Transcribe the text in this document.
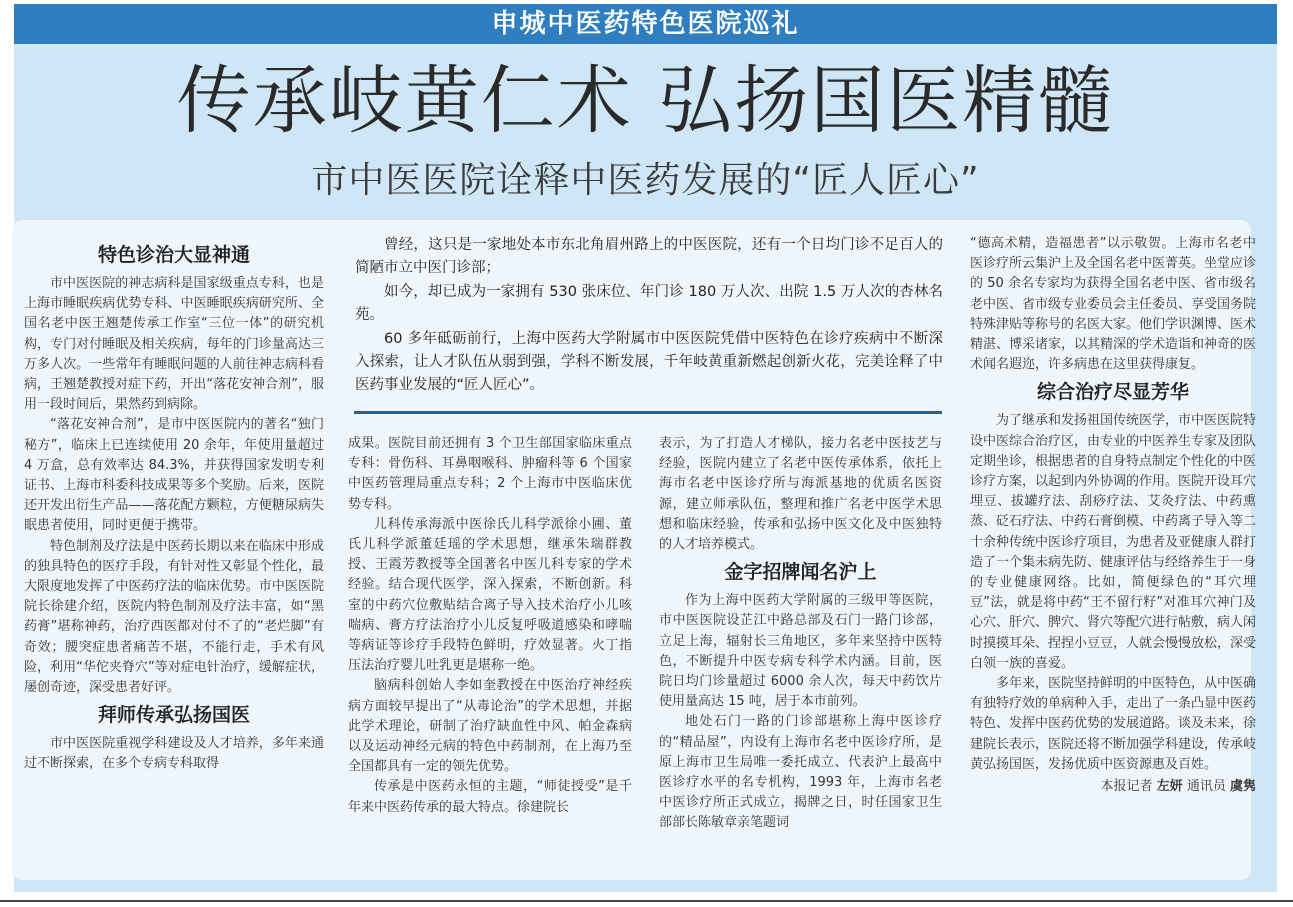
申城中医药特色医院巡礼
传承岐黄仁术 弘扬国医精髓
市中医医院诠释中医药发展的“匠人匠心”

曾经，这只是一家地处本市东北角眉州路上的中医医院，还有一个日均门诊不足百人的简陋市立中医门诊部；

如今，却已成为一家拥有 530 张床位、年门诊 180 万人次、出院 1.5 万人次的杏林名苑。

60 多年砥砺前行，上海中医药大学附属市中医医院凭借中医特色在诊疗疾病中不断深入探索，让人才队伍从弱到强，学科不断发展，千年岐黄重新燃起创新火花，完美诠释了中医药事业发展的“匠人匠心”。

特色诊治大显神通

市中医医院的神志病科是国家级重点专科，也是上海市睡眠疾病优势专科、中医睡眠疾病研究所、全国名老中医王翘楚传承工作室“三位一体”的研究机构，专门对付睡眠及相关疾病，每年的门诊量高达三万多人次。一些常年有睡眠问题的人前往神志病科看病，王翘楚教授对症下药，开出“落花安神合剂”，服用一段时间后，果然药到病除。

“落花安神合剂”，是市中医医院内的著名“独门秘方”，临床上已连续使用 20 余年，年使用量超过 4 万盒，总有效率达 84.3%，并获得国家发明专利证书、上海市科委科技成果等多个奖励。后来，医院还开发出衍生产品——落花配方颗粒，方便糖尿病失眠患者使用，同时更便于携带。

特色制剂及疗法是中医药长期以来在临床中形成的独具特色的医疗手段，有针对性又彰显个性化，最大限度地发挥了中医药疗法的临床优势。市中医医院院长徐建介绍，医院内特色制剂及疗法丰富，如“黑药膏”堪称神药，治疗西医都对付不了的“老烂脚”有奇效；腰突症患者痛苦不堪，不能行走，手术有风险，利用“华佗夹脊穴”等对症电针治疗，缓解症状，屡创奇迹，深受患者好评。

拜师传承弘扬国医

市中医医院重视学科建设及人才培养，多年来通过不断探索，在多个专病专科取得

成果。医院目前还拥有 3 个卫生部国家临床重点专科：骨伤科、耳鼻咽喉科、肿瘤科等 6 个国家中医药管理局重点专科；2 个上海市中医临床优势专科。

儿科传承海派中医徐氏儿科学派徐小圃、董氏儿科学派董廷瑶的学术思想，继承朱瑞群教授、王霞芳教授等全国著名中医儿科专家的学术经验。结合现代医学，深入探索，不断创新。科室的中药穴位敷贴结合离子导入技术治疗小儿咳喘病、膏方疗法治疗小儿反复呼吸道感染和哮喘等病证等诊疗手段特色鲜明，疗效显著。火丁指压法治疗婴儿吐乳更是堪称一绝。

脑病科创始人李如奎教授在中医治疗神经疾病方面较早提出了“从毒论治”的学术思想，并据此学术理论，研制了治疗缺血性中风、帕金森病以及运动神经元病的特色中药制剂，在上海乃至全国都具有一定的领先优势。

传承是中医药永恒的主题，“师徒授受”是千年来中医药传承的最大特点。徐建院长

表示，为了打造人才梯队，接力名老中医技艺与经验，医院内建立了名老中医传承体系，依托上海市名老中医诊疗所与海派基地的优质名医资源，建立师承队伍，整理和推广名老中医学术思想和临床经验，传承和弘扬中医文化及中医独特的人才培养模式。

金字招牌闻名沪上

作为上海中医药大学附属的三级甲等医院，市中医医院设芷江中路总部及石门一路门诊部，立足上海，辐射长三角地区，多年来坚持中医特色，不断提升中医专病专科学术内涵。目前，医院日均门诊量超过 6000 余人次，每天中药饮片使用量高达 15 吨，居于本市前列。

地处石门一路的门诊部堪称上海中医诊疗的“精品屋”，内设有上海市名老中医诊疗所，是原上海市卫生局唯一委托成立、代表沪上最高中医诊疗水平的名专机构，1993 年，上海市名老中医诊疗所正式成立，揭牌之日，时任国家卫生部部长陈敏章亲笔题词

“德高术精，造福患者”以示敬贺。上海市名老中医诊疗所云集沪上及全国名老中医菁英。坐堂应诊的 50 余名专家均为获得全国名老中医、省市级名老中医、省市级专业委员会主任委员、享受国务院特殊津贴等称号的名医大家。他们学识渊博、医术精湛、博采诸家，以其精深的学术造诣和神奇的医术闻名遐迩，许多病患在这里获得康复。

综合治疗尽显芳华

为了继承和发扬祖国传统医学，市中医医院特设中医综合治疗区，由专业的中医养生专家及团队定期坐诊，根据患者的自身特点制定个性化的中医诊疗方案，以起到内外协调的作用。医院开设耳穴埋豆、拔罐疗法、刮痧疗法、艾灸疗法、中药熏蒸、砭石疗法、中药石膏倒模、中药离子导入等二十余种传统中医诊疗项目，为患者及亚健康人群打造了一个集未病先防、健康评估与经络养生于一身的专业健康网络。比如，简便绿色的“耳穴埋豆”法，就是将中药“王不留行籽”对准耳穴神门及心穴、肝穴、脾穴、肾穴等配穴进行帖敷，病人闲时摸摸耳朵、捏捏小豆豆，人就会慢慢放松，深受白领一族的喜爱。

多年来，医院坚持鲜明的中医特色，从中医确有独特疗效的单病种入手，走出了一条凸显中医药特色、发挥中医药优势的发展道路。谈及未来，徐建院长表示，医院还将不断加强学科建设，传承岐黄弘扬国医，发扬优质中医资源惠及百姓。

本报记者 左妍 通讯员 虞隽
